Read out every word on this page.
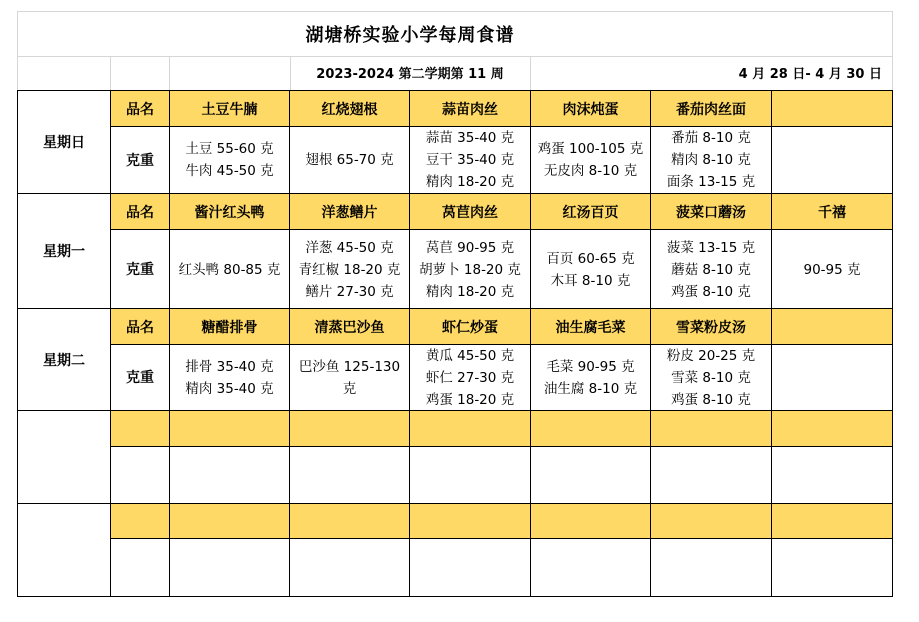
湖塘桥实验小学每周食谱
2023-2024 第二学期第 11 周	4 月 28 日- 4 月 30 日
星期日
品名
克重
土豆牛腩
土豆 55-60 克
牛肉 45-50 克
红烧翅根
翅根 65-70 克
蒜苗肉丝
蒜苗 35-40 克
豆干 35-40 克
精肉 18-20 克
肉沫炖蛋
鸡蛋 100-105 克
无皮肉 8-10 克
番茄肉丝面
番茄 8-10 克
精肉 8-10 克
面条 13-15 克
星期一
品名
克重
酱汁红头鸭
红头鸭 80-85 克
洋葱鳝片
洋葱 45-50 克
青红椒 18-20 克
鳝片 27-30 克
莴苣肉丝
莴苣 90-95 克
胡萝卜 18-20 克
精肉 18-20 克
红汤百页
百页 60-65 克
木耳 8-10 克
菠菜口蘑汤
菠菜 13-15 克
蘑菇 8-10 克
鸡蛋 8-10 克
千禧
90-95 克
星期二
品名
克重
糖醋排骨
排骨 35-40 克
精肉 35-40 克
清蒸巴沙鱼
巴沙鱼 125-130
克
虾仁炒蛋
黄瓜 45-50 克
虾仁 27-30 克
鸡蛋 18-20 克
油生腐毛菜
毛菜 90-95 克
油生腐 8-10 克
雪菜粉皮汤
粉皮 20-25 克
雪菜 8-10 克
鸡蛋 8-10 克
